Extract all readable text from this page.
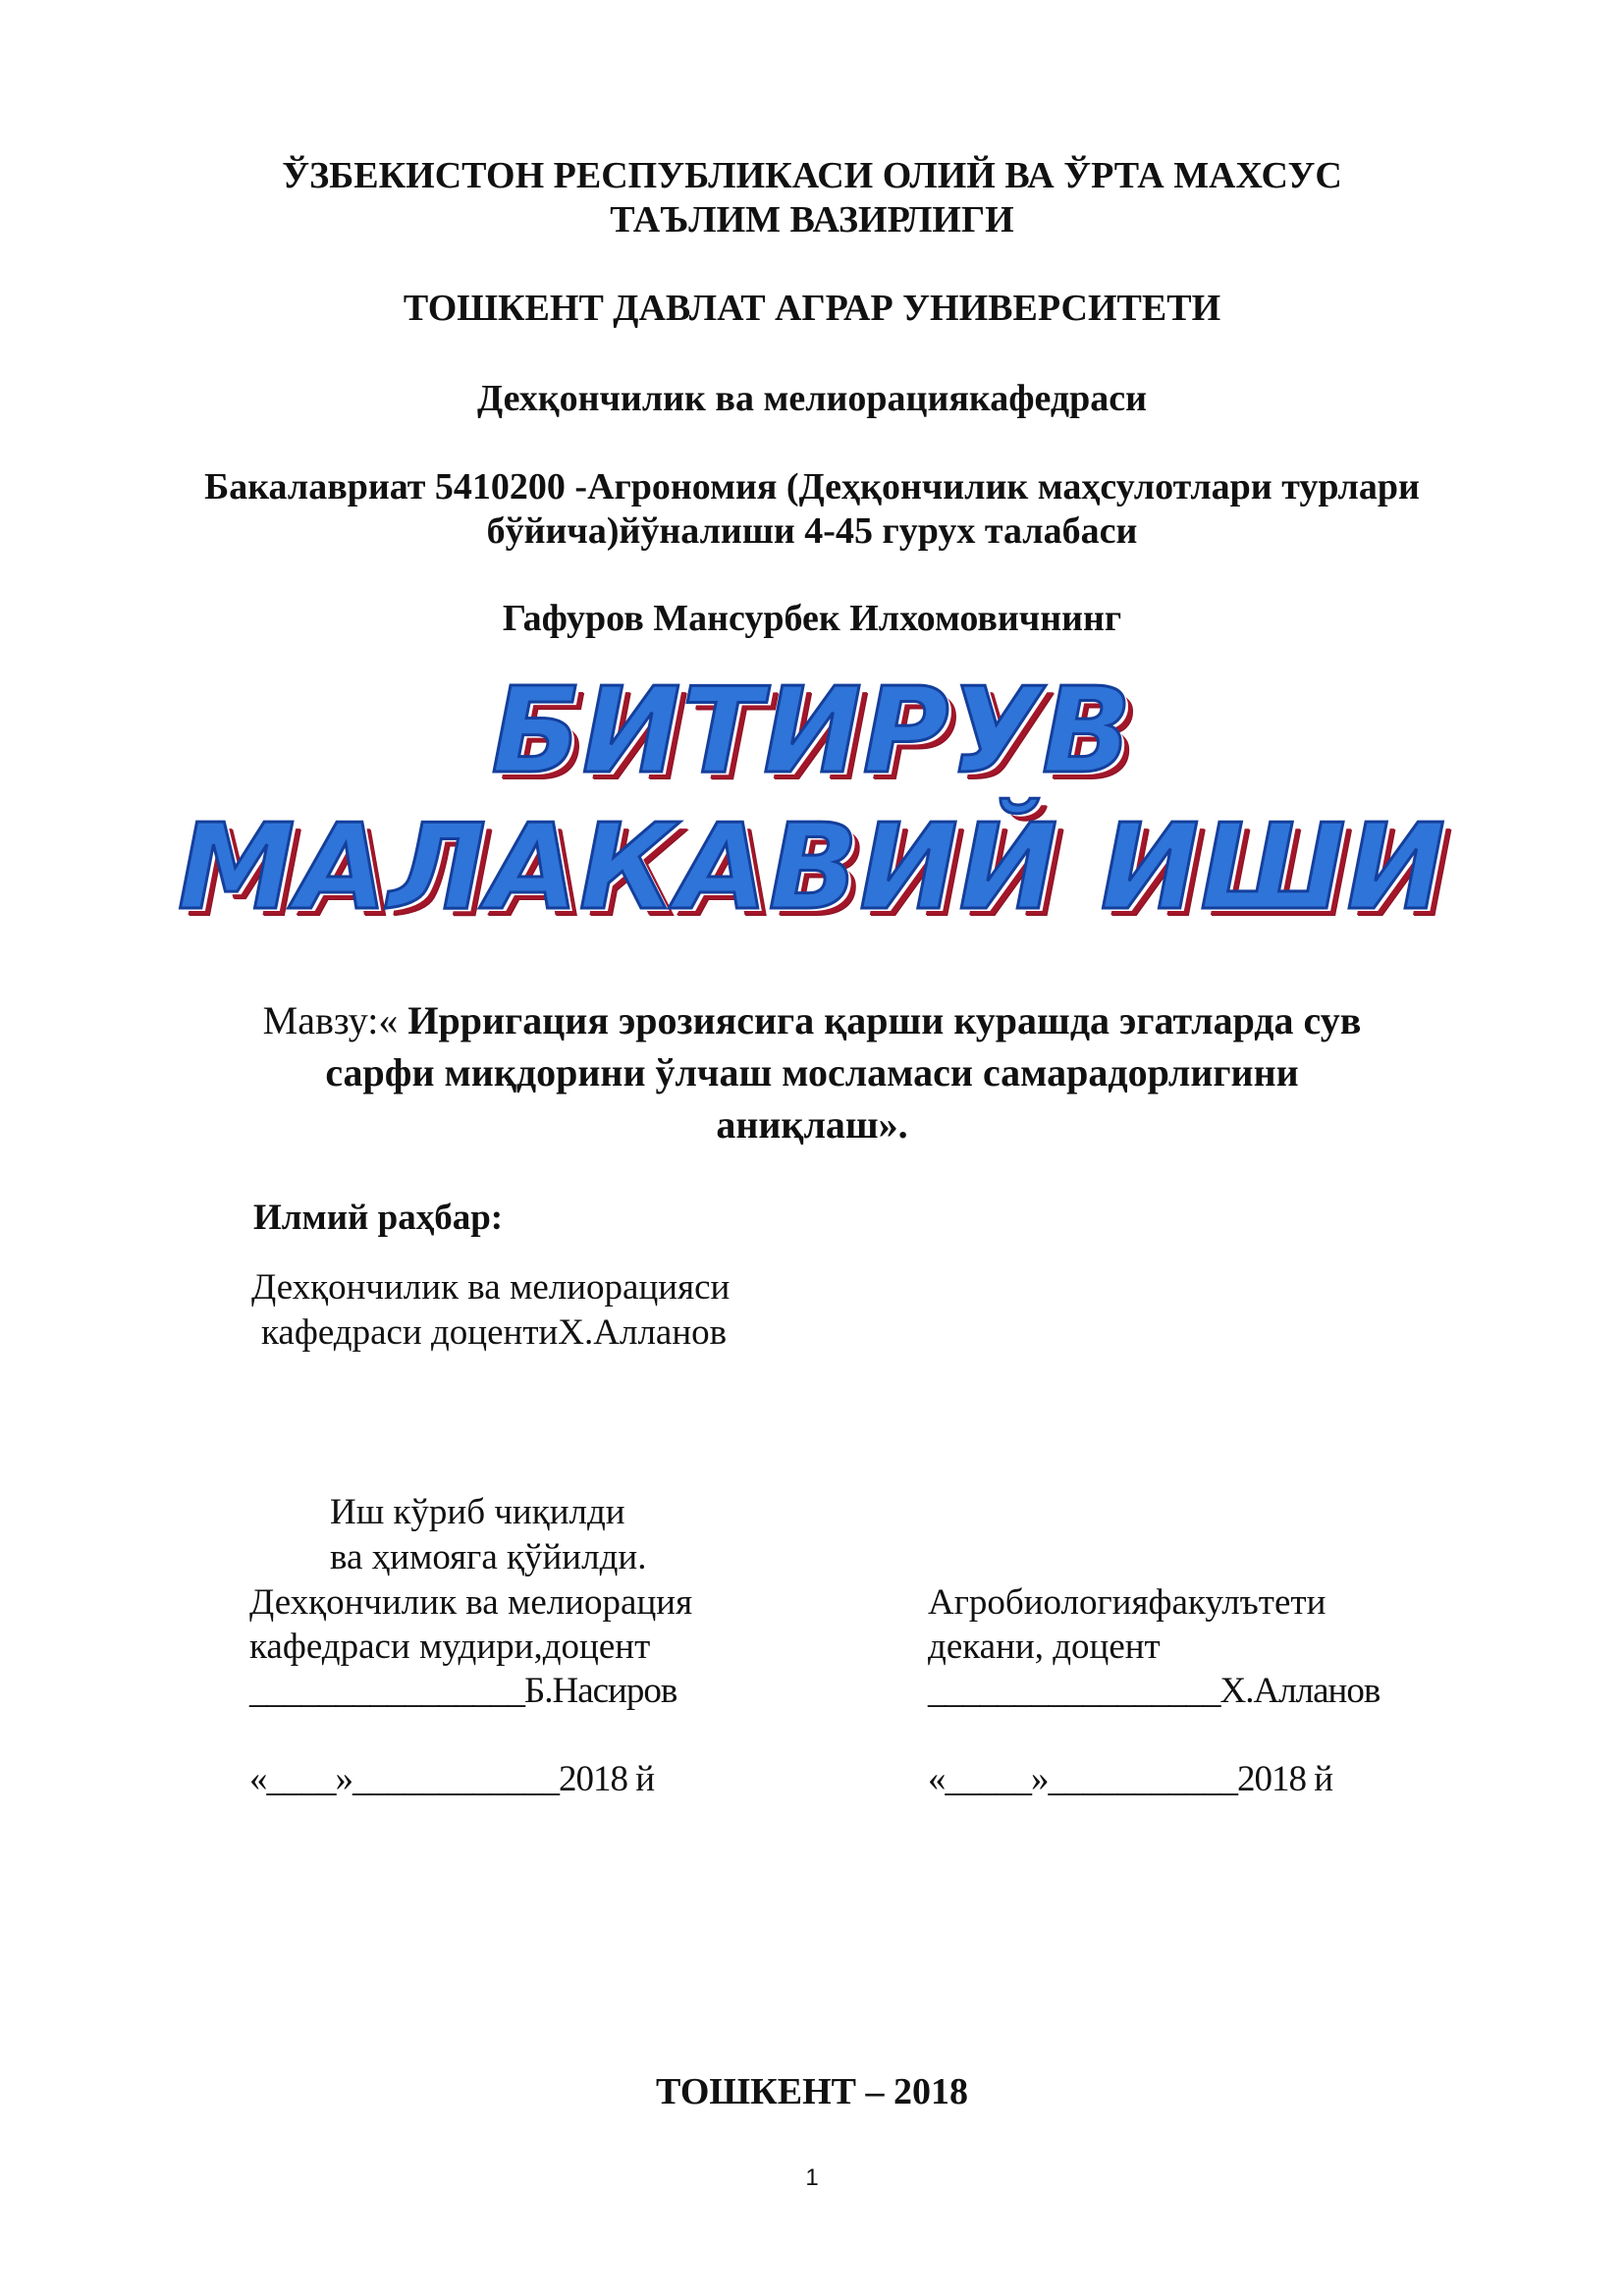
ЎЗБЕКИСТОН РЕСПУБЛИКАСИ ОЛИЙ ВА ЎРТА МАХСУС

ТАЪЛИМ ВАЗИРЛИГИ

ТОШКЕНТ ДАВЛАТ АГРАР УНИВЕРСИТЕТИ

Дехқончилик ва мелиорациякафедраси

Бакалавриат 5410200 -Агрономия (Деҳқончилик маҳсулотлари турлари

бўйича)йўналиши 4-45 гурух талабаси

Гафуров Мансурбек Илхомовичнинг

БИТИРУВ

МАЛАКАВИЙ ИШИ

Мавзу:« Ирригация эрозиясига қарши курашда эгатларда сув

сарфи миқдорини ўлчаш мосламаси самарадорлигини

аниқлаш».

Илмий раҳбар:

Дехқончилик ва мелиорацияси

кафедраси доцентиХ.Алланов

Иш кўриб чиқилди

ва ҳимояга қўйилди.

Дехқончилик ва мелиорация

кафедраси мудири,доцент

________________Б.Насиров

«____»____________2018 й

Агробиологияфакулътети

декани, доцент

_________________Х.Алланов

«_____»___________2018 й

ТОШКЕНТ – 2018

1
